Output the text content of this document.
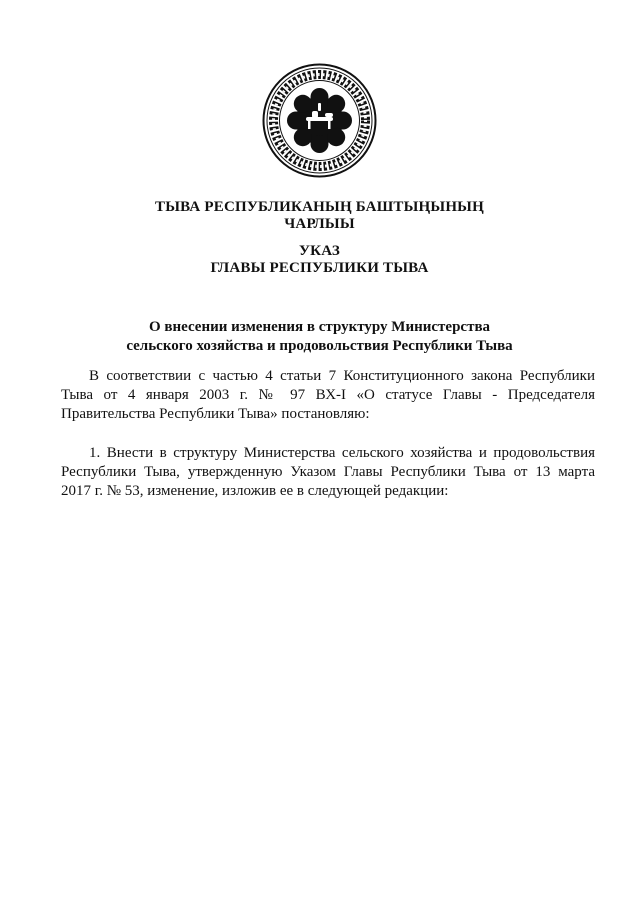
ТЫВА РЕСПУБЛИКАНЫҢ БАШТЫҢЫНЫҢ
ЧАРЛЫЫ
УКАЗ
ГЛАВЫ РЕСПУБЛИКИ ТЫВА
О внесении изменения в структуру Министерства
сельского хозяйства и продовольствия Республики Тыва
В соответствии с частью 4 статьи 7 Конституционного закона Республики
Тыва от 4 января 2003 г. № 97 ВХ-I «О статусе Главы - Председателя
Правительства Республики Тыва» постановляю:
1. Внести в структуру Министерства сельского хозяйства и продовольствия
Республики Тыва, утвержденную Указом Главы Республики Тыва от 13 марта
2017 г. № 53, изменение, изложив ее в следующей редакции:
